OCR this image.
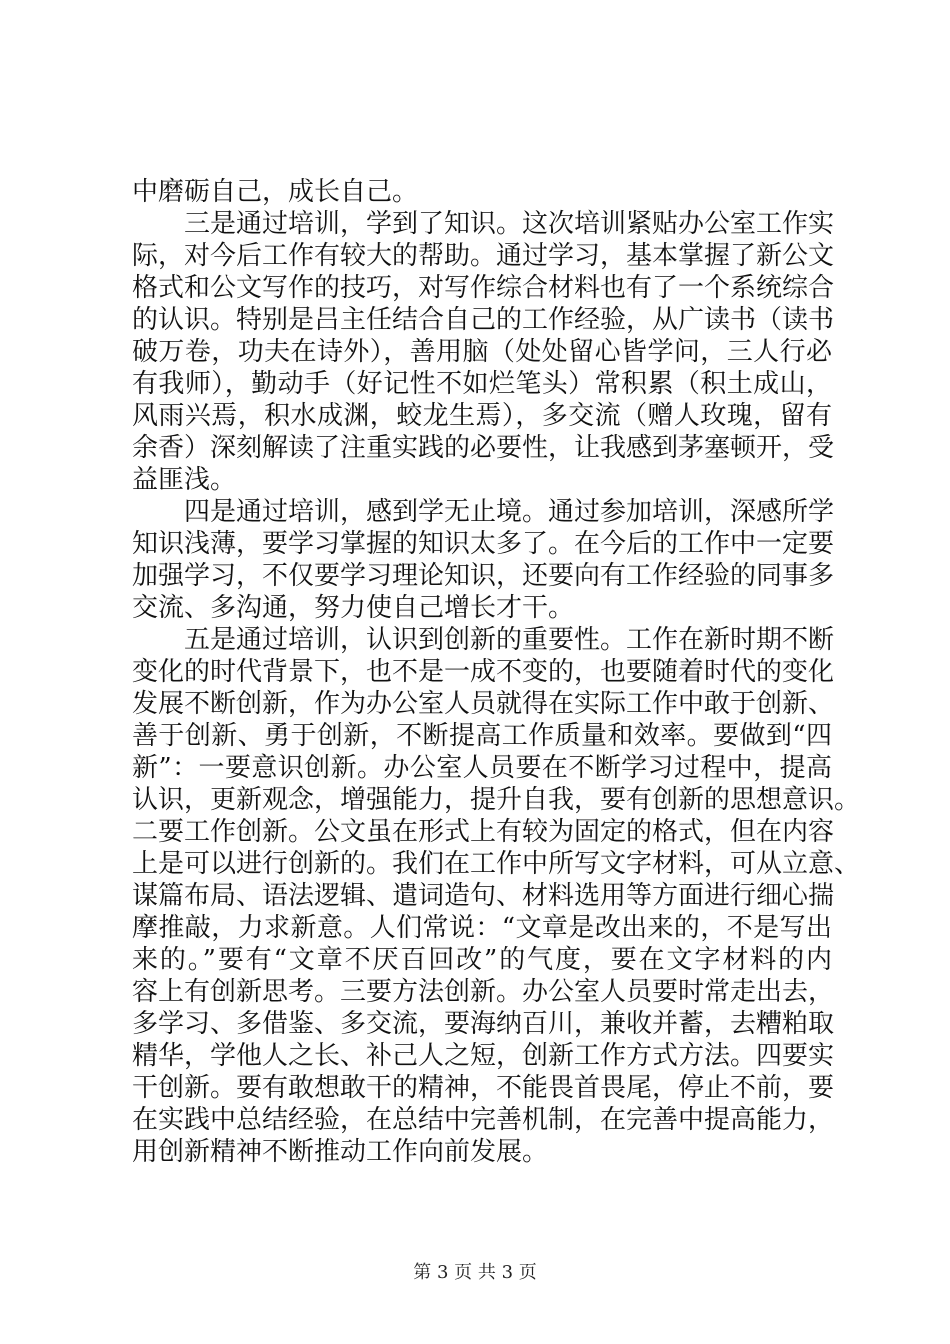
中磨砺自己，成长自己。
三是通过培训，学到了知识。这次培训紧贴办公室工作实
际，对今后工作有较大的帮助。通过学习，基本掌握了新公文
格式和公文写作的技巧，对写作综合材料也有了一个系统综合
的认识。特别是吕主任结合自己的工作经验，从广读书（读书
破万卷，功夫在诗外），善用脑（处处留心皆学问，三人行必
有我师），勤动手（好记性不如烂笔头）常积累（积土成山，
风雨兴焉，积水成渊，蛟龙生焉），多交流（赠人玫瑰，留有
余香）深刻解读了注重实践的必要性，让我感到茅塞顿开，受
益匪浅。
四是通过培训，感到学无止境。通过参加培训，深感所学
知识浅薄，要学习掌握的知识太多了。在今后的工作中一定要
加强学习，不仅要学习理论知识，还要向有工作经验的同事多
交流、多沟通，努力使自己增长才干。
五是通过培训，认识到创新的重要性。工作在新时期不断
变化的时代背景下，也不是一成不变的，也要随着时代的变化
发展不断创新，作为办公室人员就得在实际工作中敢于创新、
善于创新、勇于创新，不断提高工作质量和效率。要做到“四
新”：一要意识创新。办公室人员要在不断学习过程中，提高
认识，更新观念，增强能力，提升自我，要有创新的思想意识。
二要工作创新。公文虽在形式上有较为固定的格式，但在内容
上是可以进行创新的。我们在工作中所写文字材料，可从立意、
谋篇布局、语法逻辑、遣词造句、材料选用等方面进行细心揣
摩推敲，力求新意。人们常说：“文章是改出来的，不是写出
来的。”要有“文章不厌百回改”的气度，要在文字材料的内
容上有创新思考。三要方法创新。办公室人员要时常走出去，
多学习、多借鉴、多交流，要海纳百川，兼收并蓄，去糟粕取
精华，学他人之长、补己人之短，创新工作方式方法。四要实
干创新。要有敢想敢干的精神，不能畏首畏尾，停止不前，要
在实践中总结经验，在总结中完善机制，在完善中提高能力，
用创新精神不断推动工作向前发展。
第 3 页 共 3 页
